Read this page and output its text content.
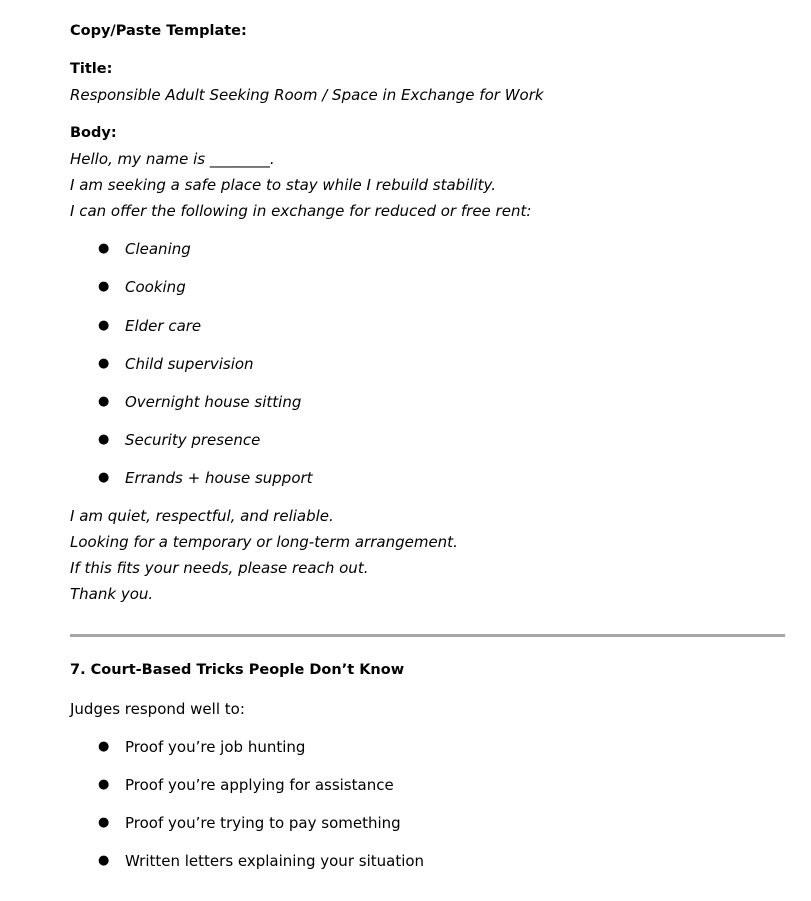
Copy/Paste Template:
Title:
Responsible Adult Seeking Room / Space in Exchange for Work
Body:
Hello, my name is ________.
I am seeking a safe place to stay while I rebuild stability.
I can offer the following in exchange for reduced or free rent:
● Cleaning
● Cooking
● Elder care
● Child supervision
● Overnight house sitting
● Security presence
● Errands + house support
I am quiet, respectful, and reliable.
Looking for a temporary or long-term arrangement.
If this fits your needs, please reach out.
Thank you.
7. Court-Based Tricks People Don’t Know
Judges respond well to:
● Proof you’re job hunting
● Proof you’re applying for assistance
● Proof you’re trying to pay something
● Written letters explaining your situation
